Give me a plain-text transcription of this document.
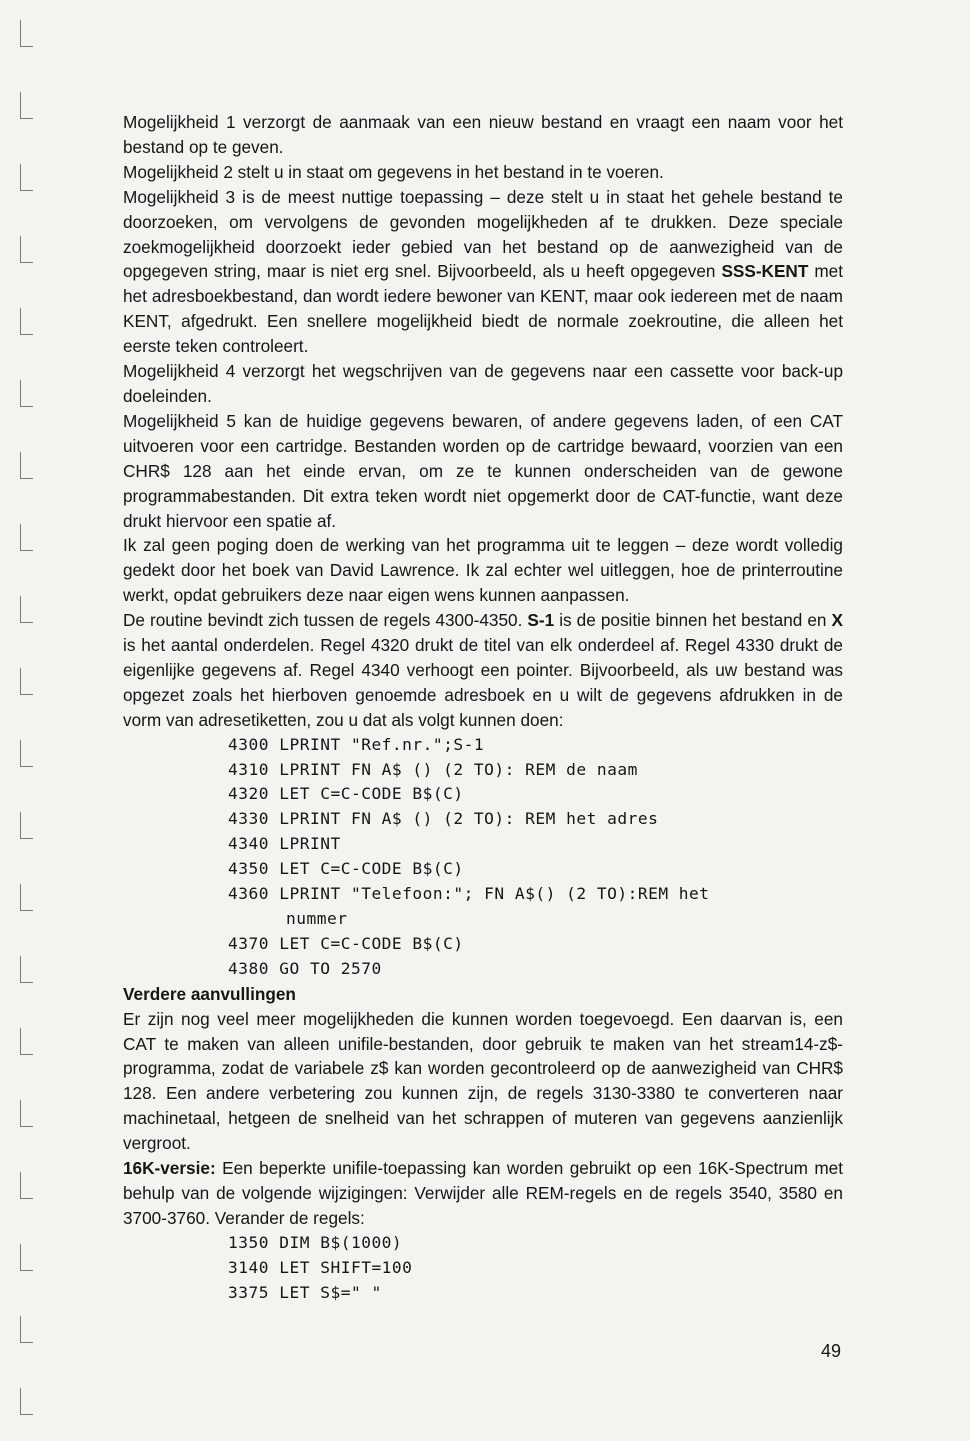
Mogelijkheid 1 verzorgt de aanmaak van een nieuw bestand en vraagt een naam voor het bestand op te geven.

Mogelijkheid 2 stelt u in staat om gegevens in het bestand in te voeren.

Mogelijkheid 3 is de meest nuttige toepassing – deze stelt u in staat het gehele bestand te doorzoeken, om vervolgens de gevonden mogelijkheden af te drukken. Deze speciale zoekmogelijkheid doorzoekt ieder gebied van het bestand op de aanwezigheid van de opgegeven string, maar is niet erg snel. Bijvoorbeeld, als u heeft opgegeven SSS-KENT met het adresboekbestand, dan wordt iedere bewoner van KENT, maar ook iedereen met de naam KENT, afgedrukt. Een snellere mogelijkheid biedt de normale zoekroutine, die alleen het eerste teken controleert.

Mogelijkheid 4 verzorgt het wegschrijven van de gegevens naar een cassette voor back-up doeleinden.

Mogelijkheid 5 kan de huidige gegevens bewaren, of andere gegevens laden, of een CAT uitvoeren voor een cartridge. Bestanden worden op de cartridge bewaard, voorzien van een CHR$ 128 aan het einde ervan, om ze te kunnen onderscheiden van de gewone programmabestanden. Dit extra teken wordt niet opgemerkt door de CAT-functie, want deze drukt hiervoor een spatie af.

Ik zal geen poging doen de werking van het programma uit te leggen – deze wordt volledig gedekt door het boek van David Lawrence. Ik zal echter wel uitleggen, hoe de printerroutine werkt, opdat gebruikers deze naar eigen wens kunnen aanpassen.

De routine bevindt zich tussen de regels 4300-4350. S-1 is de positie binnen het bestand en X is het aantal onderdelen. Regel 4320 drukt de titel van elk onderdeel af. Regel 4330 drukt de eigenlijke gegevens af. Regel 4340 verhoogt een pointer. Bijvoorbeeld, als uw bestand was opgezet zoals het hierboven genoemde adresboek en u wilt de gegevens afdrukken in de vorm van adresetiketten, zou u dat als volgt kunnen doen:

4300 LPRINT "Ref.nr.";S-1
4310 LPRINT FN A$ () (2 TO): REM de naam
4320 LET C=C-CODE B$(C)
4330 LPRINT FN A$ () (2 TO): REM het adres
4340 LPRINT
4350 LET C=C-CODE B$(C)
4360 LPRINT "Telefoon:"; FN A$() (2 TO):REM het
nummer
4370 LET C=C-CODE B$(C)
4380 GO TO 2570

Verdere aanvullingen

Er zijn nog veel meer mogelijkheden die kunnen worden toegevoegd. Een daarvan is, een CAT te maken van alleen unifile-bestanden, door gebruik te maken van het stream14-z$-programma, zodat de variabele z$ kan worden gecontroleerd op de aanwezigheid van CHR$ 128. Een andere verbetering zou kunnen zijn, de regels 3130-3380 te converteren naar machinetaal, hetgeen de snelheid van het schrappen of muteren van gegevens aanzienlijk vergroot.

16K-versie: Een beperkte unifile-toepassing kan worden gebruikt op een 16K-Spectrum met behulp van de volgende wijzigingen: Verwijder alle REM-regels en de regels 3540, 3580 en 3700-3760. Verander de regels:

1350 DIM B$(1000)
3140 LET SHIFT=100
3375 LET S$=" "
49
